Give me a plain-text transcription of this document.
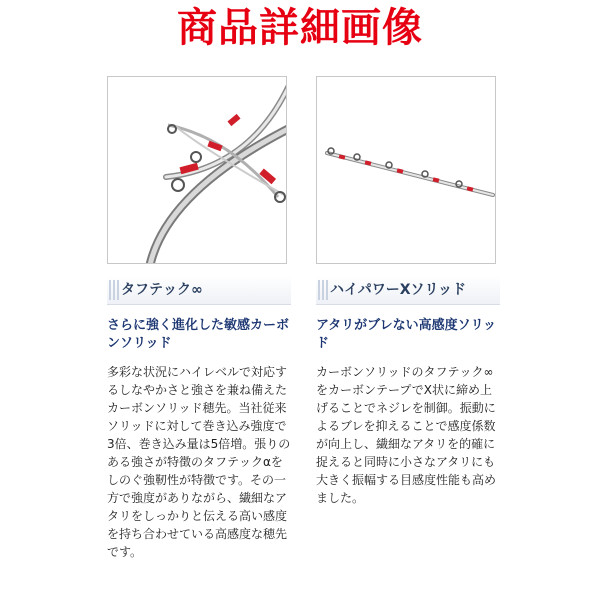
商品詳細画像
タフテック∞
さらに強く進化した敏感カーボンソリッド
多彩な状況にハイレベルで対応するしなやかさと強さを兼ね備えたカーボンソリッド穂先。当社従来ソリッドに対して巻き込み強度で3倍、巻き込み量は5倍増。張りのある強さが特徴のタフテックαをしのぐ強靭性が特徴です。その一方で強度がありながら、繊細なアタリをしっかりと伝える高い感度を持ち合わせている高感度な穂先です。
ハイパワーXソリッド
アタリがブレない高感度ソリッド
カーボンソリッドのタフテック∞をカーボンテープでX状に締め上げることでネジレを制御。振動によるブレを抑えることで感度係数が向上し、繊細なアタリを的確に捉えると同時に小さなアタリにも大きく振幅する目感度性能も高めました。
